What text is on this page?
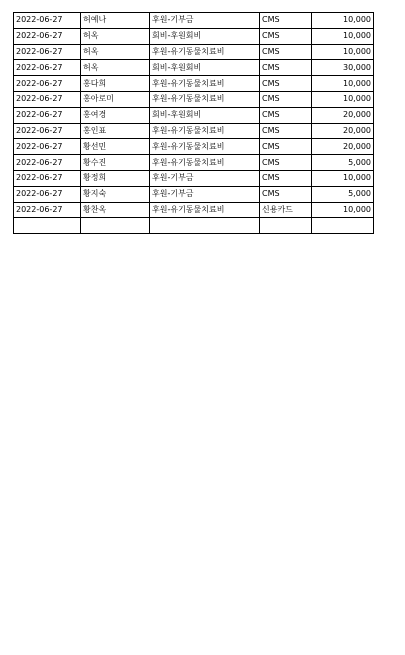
2022-06-27	허예나	후원-기부금	CMS	10,000
2022-06-27	허옥	회비-후원회비	CMS	10,000
2022-06-27	허옥	후원-유기동물치료비	CMS	10,000
2022-06-27	허옥	회비-후원회비	CMS	30,000
2022-06-27	홍다희	후원-유기동물치료비	CMS	10,000
2022-06-27	홍아로미	후원-유기동물치료비	CMS	10,000
2022-06-27	홍여경	회비-후원회비	CMS	20,000
2022-06-27	홍인표	후원-유기동물치료비	CMS	20,000
2022-06-27	황선민	후원-유기동물치료비	CMS	20,000
2022-06-27	황수진	후원-유기동물치료비	CMS	5,000
2022-06-27	황정희	후원-기부금	CMS	10,000
2022-06-27	황지숙	후원-기부금	CMS	5,000
2022-06-27	황찬옥	후원-유기동물치료비	신용카드	10,000
